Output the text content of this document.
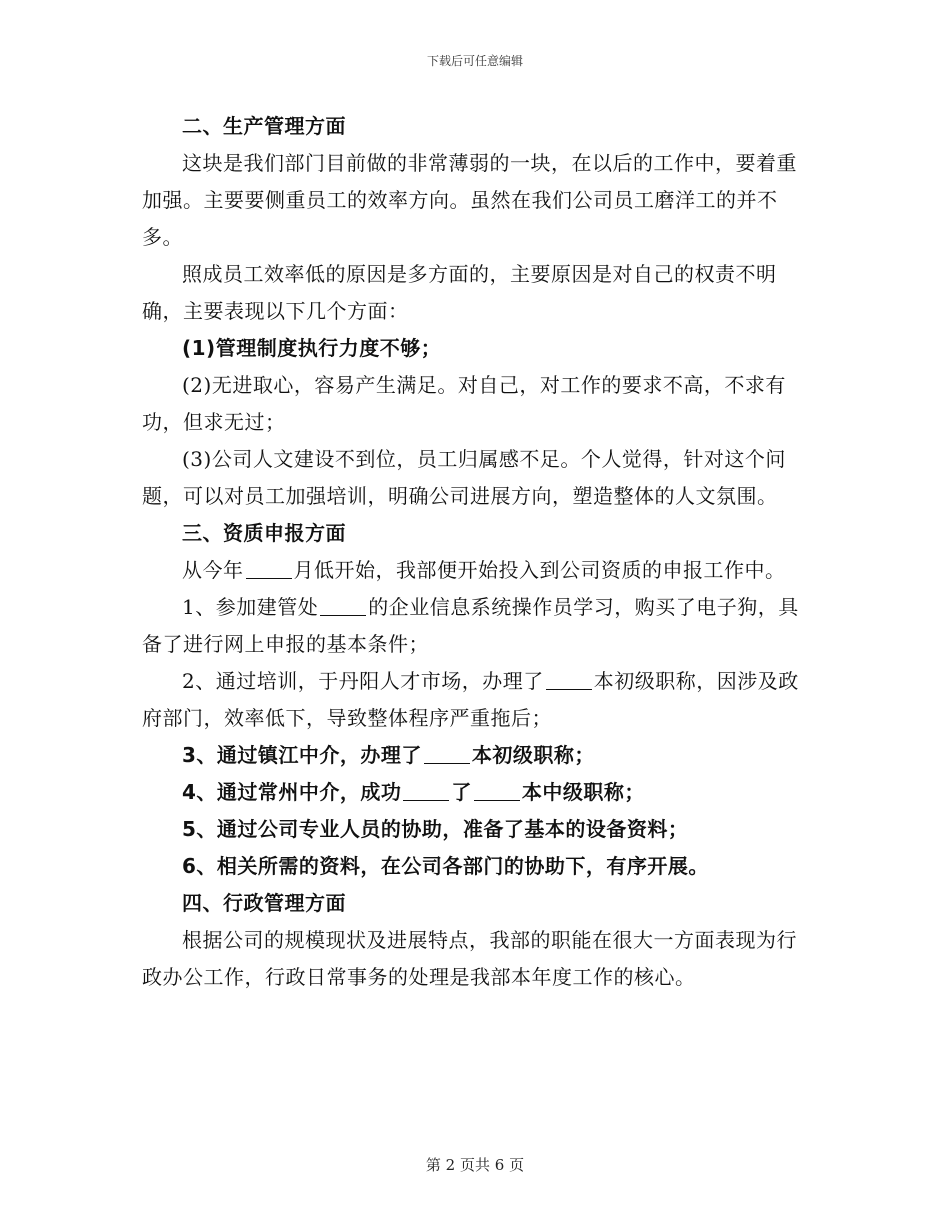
下载后可任意编辑

二、生产管理方面

这块是我们部门目前做的非常薄弱的一块，在以后的工作中，要着重加强。主要要侧重员工的效率方向。虽然在我们公司员工磨洋工的并不多。

照成员工效率低的原因是多方面的，主要原因是对自己的权责不明确，主要表现以下几个方面：

(1)管理制度执行力度不够；

(2)无进取心，容易产生满足。对自己，对工作的要求不高，不求有功，但求无过；

(3)公司人文建设不到位，员工归属感不足。个人觉得，针对这个问题，可以对员工加强培训，明确公司进展方向，塑造整体的人文氛围。

三、资质申报方面

从今年	月低开始，我部便开始投入到公司资质的申报工作中。

1、参加建管处	的企业信息系统操作员学习，购买了电子狗，具备了进行网上申报的基本条件；

2、通过培训，于丹阳人才市场，办理了	本初级职称，因涉及政府部门，效率低下，导致整体程序严重拖后；

3、通过镇江中介，办理了	本初级职称；

4、通过常州中介，成功	了	本中级职称；

5、通过公司专业人员的协助，准备了基本的设备资料；

6、相关所需的资料，在公司各部门的协助下，有序开展。

四、行政管理方面

根据公司的规模现状及进展特点，我部的职能在很大一方面表现为行政办公工作，行政日常事务的处理是我部本年度工作的核心。

第 2 页共 6 页
